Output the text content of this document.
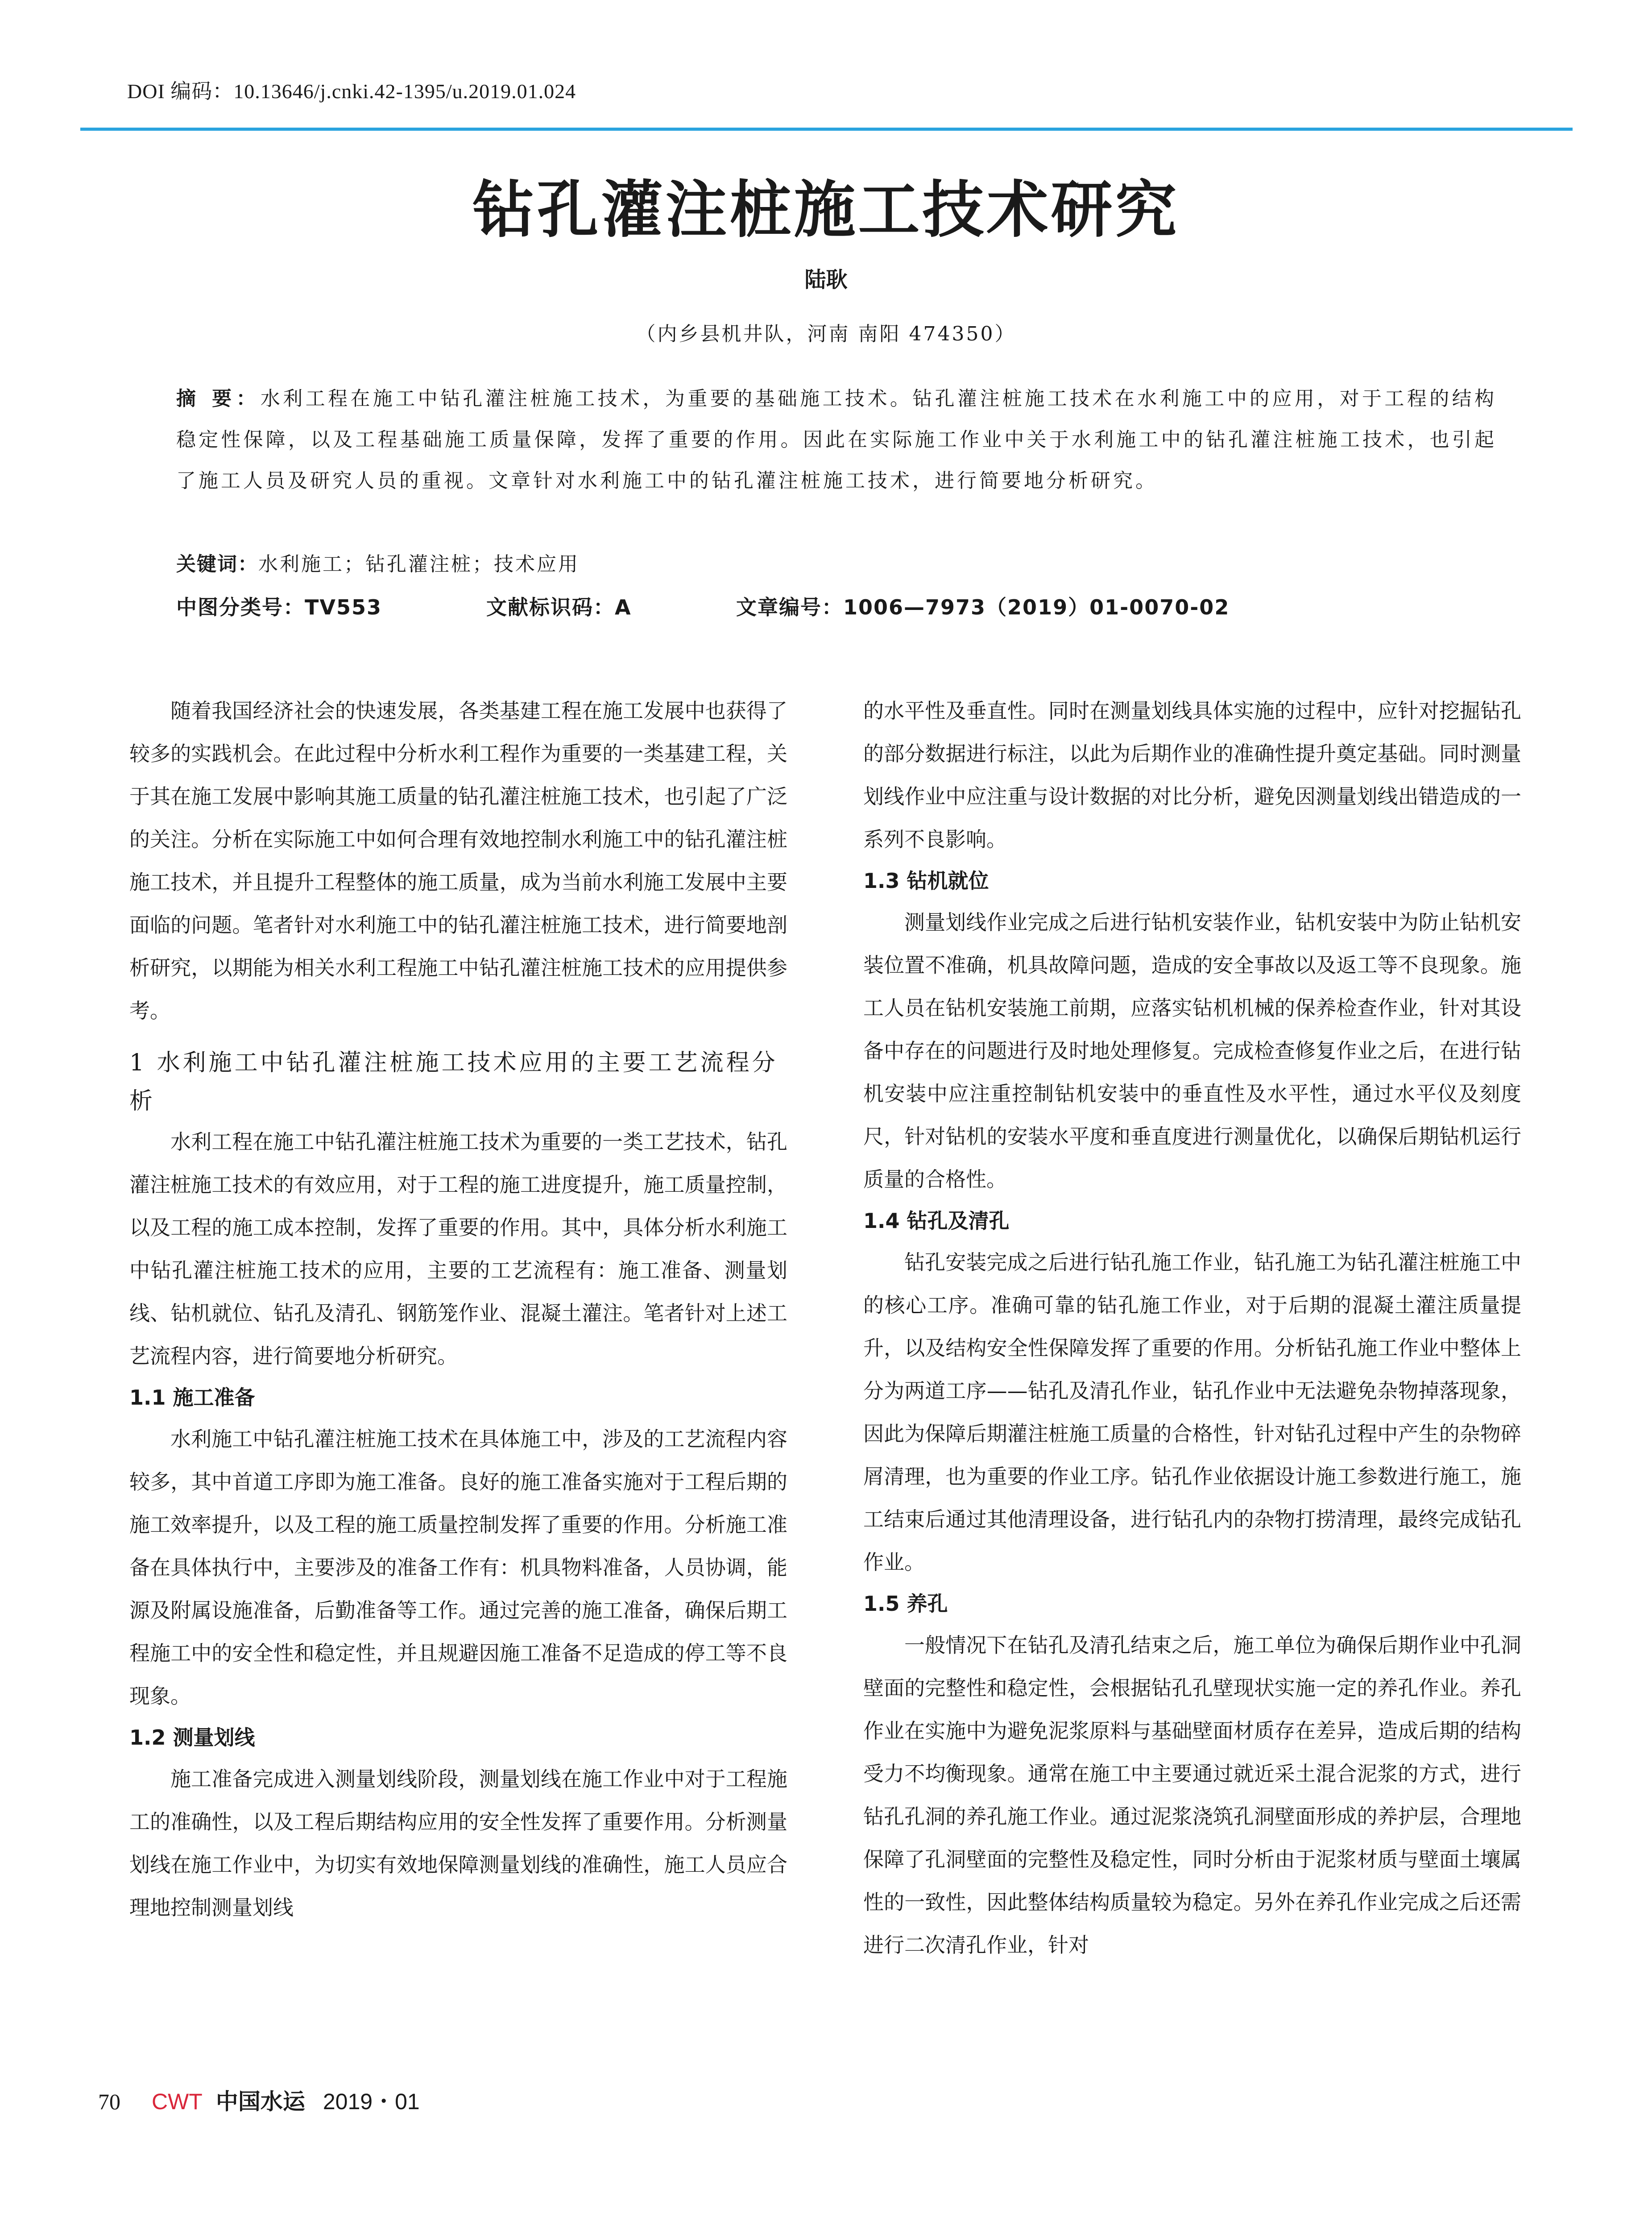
DOI 编码：10.13646/j.cnki.42-1395/u.2019.01.024
钻孔灌注桩施工技术研究
陆耿
（内乡县机井队，河南 南阳 474350）
摘 要：水利工程在施工中钻孔灌注桩施工技术，为重要的基础施工技术。钻孔灌注桩施工技术在水利施工中的应用，对于工程的结构稳定性保障，以及工程基础施工质量保障，发挥了重要的作用。因此在实际施工作业中关于水利施工中的钻孔灌注桩施工技术，也引起了施工人员及研究人员的重视。文章针对水利施工中的钻孔灌注桩施工技术，进行简要地分析研究。
关键词：水利施工；钻孔灌注桩；技术应用
中图分类号：TV553	文献标识码：A	文章编号：1006—7973（2019）01-0070-02

随着我国经济社会的快速发展，各类基建工程在施工发展中也获得了较多的实践机会。在此过程中分析水利工程作为重要的一类基建工程，关于其在施工发展中影响其施工质量的钻孔灌注桩施工技术，也引起了广泛的关注。分析在实际施工中如何合理有效地控制水利施工中的钻孔灌注桩施工技术，并且提升工程整体的施工质量，成为当前水利施工发展中主要面临的问题。笔者针对水利施工中的钻孔灌注桩施工技术，进行简要地剖析研究，以期能为相关水利工程施工中钻孔灌注桩施工技术的应用提供参考。

1 水利施工中钻孔灌注桩施工技术应用的主要工艺流程分析

水利工程在施工中钻孔灌注桩施工技术为重要的一类工艺技术，钻孔灌注桩施工技术的有效应用，对于工程的施工进度提升，施工质量控制，以及工程的施工成本控制，发挥了重要的作用。其中，具体分析水利施工中钻孔灌注桩施工技术的应用，主要的工艺流程有：施工准备、测量划线、钻机就位、钻孔及清孔、钢筋笼作业、混凝土灌注。笔者针对上述工艺流程内容，进行简要地分析研究。

1.1 施工准备

水利施工中钻孔灌注桩施工技术在具体施工中，涉及的工艺流程内容较多，其中首道工序即为施工准备。良好的施工准备实施对于工程后期的施工效率提升，以及工程的施工质量控制发挥了重要的作用。分析施工准备在具体执行中，主要涉及的准备工作有：机具物料准备，人员协调，能源及附属设施准备，后勤准备等工作。通过完善的施工准备，确保后期工程施工中的安全性和稳定性，并且规避因施工准备不足造成的停工等不良现象。

1.2 测量划线

施工准备完成进入测量划线阶段，测量划线在施工作业中对于工程施工的准确性，以及工程后期结构应用的安全性发挥了重要作用。分析测量划线在施工作业中，为切实有效地保障测量划线的准确性，施工人员应合理地控制测量划线

的水平性及垂直性。同时在测量划线具体实施的过程中，应针对挖掘钻孔的部分数据进行标注，以此为后期作业的准确性提升奠定基础。同时测量划线作业中应注重与设计数据的对比分析，避免因测量划线出错造成的一系列不良影响。

1.3 钻机就位

测量划线作业完成之后进行钻机安装作业，钻机安装中为防止钻机安装位置不准确，机具故障问题，造成的安全事故以及返工等不良现象。施工人员在钻机安装施工前期，应落实钻机机械的保养检查作业，针对其设备中存在的问题进行及时地处理修复。完成检查修复作业之后，在进行钻机安装中应注重控制钻机安装中的垂直性及水平性，通过水平仪及刻度尺，针对钻机的安装水平度和垂直度进行测量优化，以确保后期钻机运行质量的合格性。

1.4 钻孔及清孔

钻孔安装完成之后进行钻孔施工作业，钻孔施工为钻孔灌注桩施工中的核心工序。准确可靠的钻孔施工作业，对于后期的混凝土灌注质量提升，以及结构安全性保障发挥了重要的作用。分析钻孔施工作业中整体上分为两道工序——钻孔及清孔作业，钻孔作业中无法避免杂物掉落现象，因此为保障后期灌注桩施工质量的合格性，针对钻孔过程中产生的杂物碎屑清理，也为重要的作业工序。钻孔作业依据设计施工参数进行施工，施工结束后通过其他清理设备，进行钻孔内的杂物打捞清理，最终完成钻孔作业。

1.5 养孔

一般情况下在钻孔及清孔结束之后，施工单位为确保后期作业中孔洞壁面的完整性和稳定性，会根据钻孔孔壁现状实施一定的养孔作业。养孔作业在实施中为避免泥浆原料与基础壁面材质存在差异，造成后期的结构受力不均衡现象。通常在施工中主要通过就近采土混合泥浆的方式，进行钻孔孔洞的养孔施工作业。通过泥浆浇筑孔洞壁面形成的养护层，合理地保障了孔洞壁面的完整性及稳定性，同时分析由于泥浆材质与壁面土壤属性的一致性，因此整体结构质量较为稳定。另外在养孔作业完成之后还需进行二次清孔作业，针对

70 CWT 中国水运 2019・01
